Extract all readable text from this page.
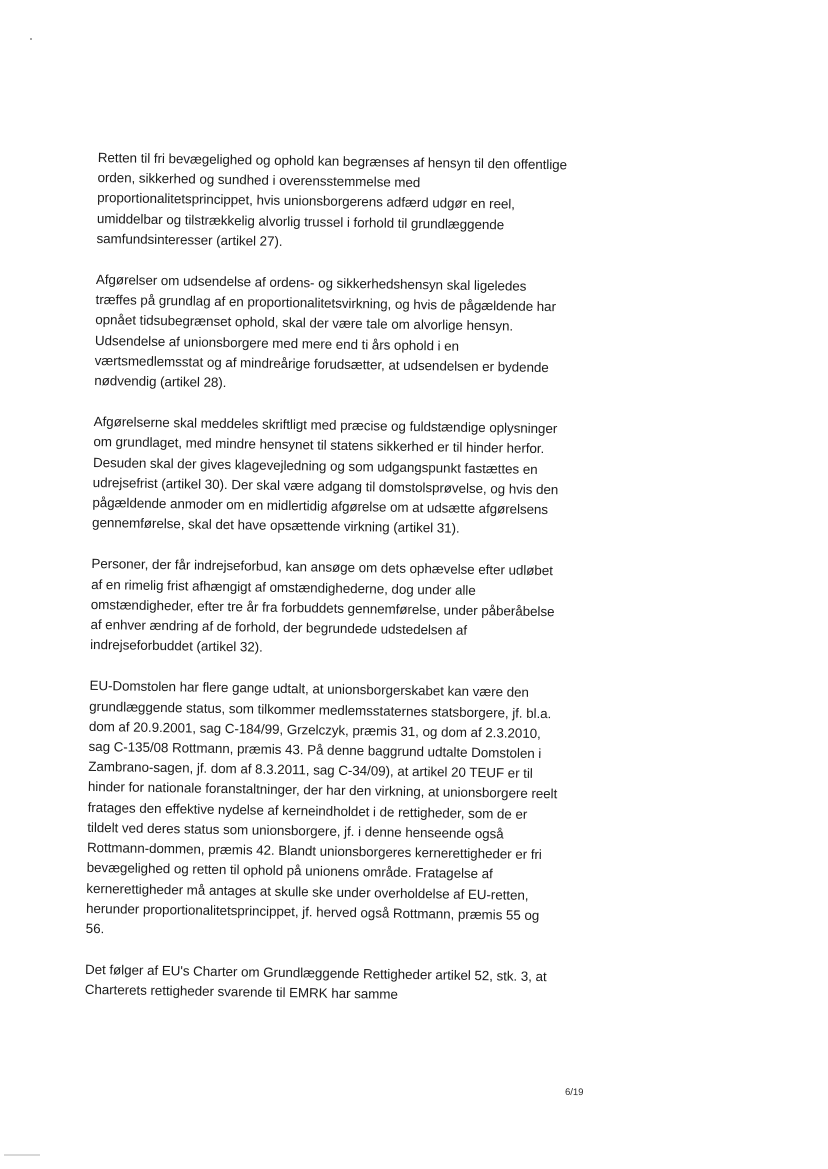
Retten til fri bevægelighed og ophold kan begrænses af hensyn til den offentlige orden, sikkerhed og sundhed i overensstemmelse med proportionalitetsprincippet, hvis unionsborgerens adfærd udgør en reel, umiddelbar og tilstrækkelig alvorlig trussel i forhold til grundlæggende samfundsinteresser (artikel 27).

Afgørelser om udsendelse af ordens- og sikkerhedshensyn skal ligeledes træffes på grundlag af en proportionalitetsvirkning, og hvis de pågældende har opnået tidsubegrænset ophold, skal der være tale om alvorlige hensyn. Udsendelse af unionsborgere med mere end ti års ophold i en værtsmedlemsstat og af mindreårige forudsætter, at udsendelsen er bydende nødvendig (artikel 28).

Afgørelserne skal meddeles skriftligt med præcise og fuldstændige oplysninger om grundlaget, med mindre hensynet til statens sikkerhed er til hinder herfor. Desuden skal der gives klagevejledning og som udgangspunkt fastættes en udrejsefrist (artikel 30). Der skal være adgang til domstolsprøvelse, og hvis den pågældende anmoder om en midlertidig afgørelse om at udsætte afgørelsens gennemførelse, skal det have opsættende virkning (artikel 31).

Personer, der får indrejseforbud, kan ansøge om dets ophævelse efter udløbet af en rimelig frist afhængigt af omstændighederne, dog under alle omstændigheder, efter tre år fra forbuddets gennemførelse, under påberåbelse af enhver ændring af de forhold, der begrundede udstedelsen af indrejseforbuddet (artikel 32).

EU-Domstolen har flere gange udtalt, at unionsborgerskabet kan være den grundlæggende status, som tilkommer medlemsstaternes statsborgere, jf. bl.a. dom af 20.9.2001, sag C-184/99, Grzelczyk, præmis 31, og dom af 2.3.2010, sag C-135/08 Rottmann, præmis 43. På denne baggrund udtalte Domstolen i Zambrano-sagen, jf. dom af 8.3.2011, sag C-34/09), at artikel 20 TEUF er til hinder for nationale foranstaltninger, der har den virkning, at unionsborgere reelt fratages den effektive nydelse af kerneindholdet i de rettigheder, som de er tildelt ved deres status som unionsborgere, jf. i denne henseende også Rottmann-dommen, præmis 42. Blandt unionsborgeres kernerettigheder er fri bevægelighed og retten til ophold på unionens område. Fratagelse af kernerettigheder må antages at skulle ske under overholdelse af EU-retten, herunder proportionalitetsprincippet, jf. herved også Rottmann, præmis 55 og 56.

Det følger af EU's Charter om Grundlæggende Rettigheder artikel 52, stk. 3, at Charterets rettigheder svarende til EMRK har samme

6/19
